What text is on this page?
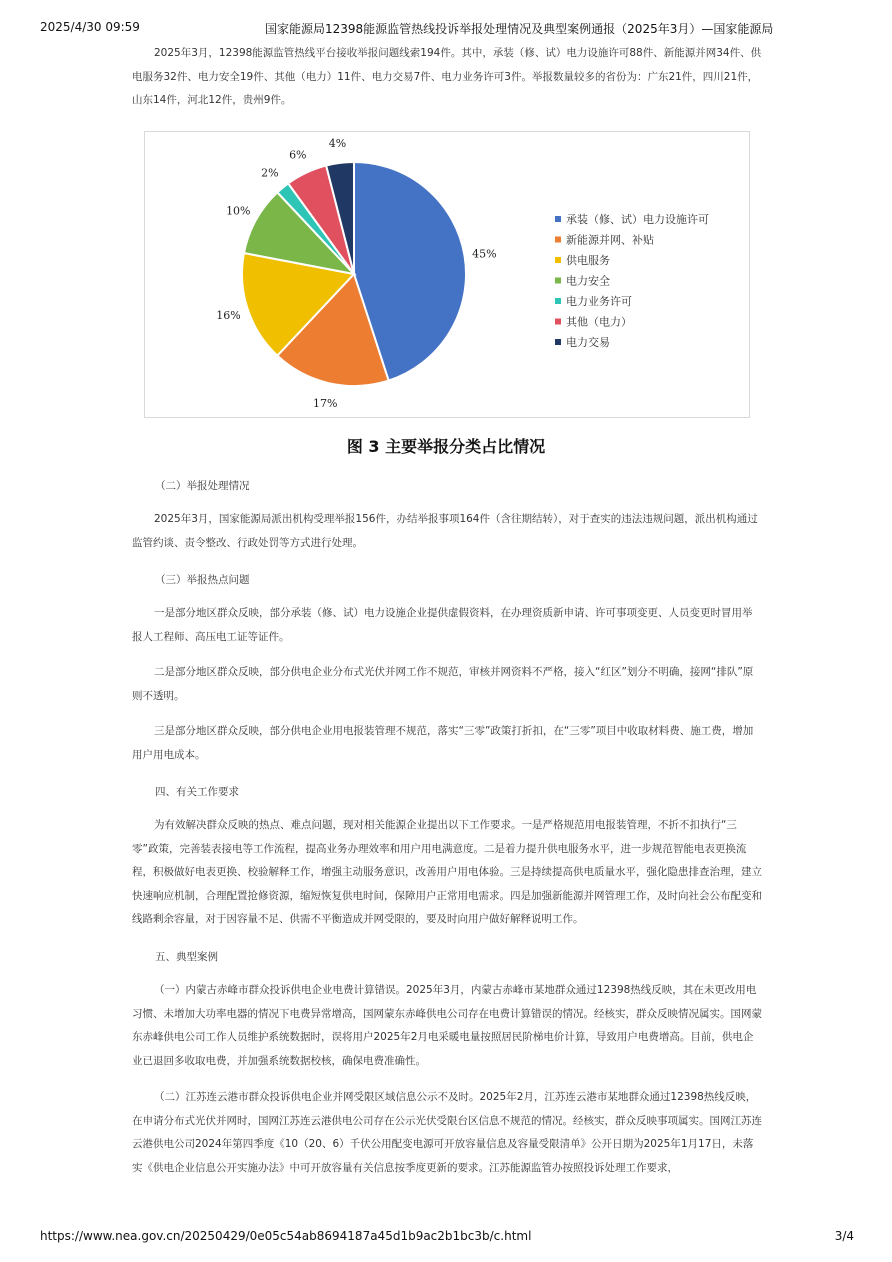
2025/4/30 09:59	国家能源局12398能源监管热线投诉举报处理情况及典型案例通报（2025年3月）—国家能源局
2025年3月，12398能源监管热线平台接收举报问题线索194件。其中，承装（修、试）电力设施许可88件、新能源并网34件、供电服务32件、电力安全19件、其他（电力）11件、电力交易7件、电力业务许可3件。举报数量较多的省份为：广东21件，四川21件，山东14件，河北12件，贵州9件。
45%
17%
16%
10%
2%
6%
4%
承装（修、试）电力设施许可
新能源并网、补贴
供电服务
电力安全
电力业务许可
其他（电力）
电力交易
图 3 主要举报分类占比情况
（二）举报处理情况
2025年3月，国家能源局派出机构受理举报156件，办结举报事项164件（含往期结转），对于查实的违法违规问题，派出机构通过监管约谈、责令整改、行政处罚等方式进行处理。
（三）举报热点问题
一是部分地区群众反映，部分承装（修、试）电力设施企业提供虚假资料，在办理资质新申请、许可事项变更、人员变更时冒用举报人工程师、高压电工证等证件。
二是部分地区群众反映，部分供电企业分布式光伏并网工作不规范，审核并网资料不严格，接入“红区”划分不明确，接网“排队”原则不透明。
三是部分地区群众反映，部分供电企业用电报装管理不规范，落实“三零”政策打折扣，在“三零”项目中收取材料费、施工费，增加用户用电成本。
四、有关工作要求
为有效解决群众反映的热点、难点问题，现对相关能源企业提出以下工作要求。一是严格规范用电报装管理，不折不扣执行“三零”政策，完善装表接电等工作流程，提高业务办理效率和用户用电满意度。二是着力提升供电服务水平，进一步规范智能电表更换流程，积极做好电表更换、校验解释工作，增强主动服务意识，改善用户用电体验。三是持续提高供电质量水平，强化隐患排查治理，建立快速响应机制，合理配置抢修资源，缩短恢复供电时间，保障用户正常用电需求。四是加强新能源并网管理工作，及时向社会公布配变和线路剩余容量，对于因容量不足、供需不平衡造成并网受限的，要及时向用户做好解释说明工作。
五、典型案例
（一）内蒙古赤峰市群众投诉供电企业电费计算错误。2025年3月，内蒙古赤峰市某地群众通过12398热线反映，其在未更改用电习惯、未增加大功率电器的情况下电费异常增高，国网蒙东赤峰供电公司存在电费计算错误的情况。经核实，群众反映情况属实。国网蒙东赤峰供电公司工作人员维护系统数据时，误将用户2025年2月电采暖电量按照居民阶梯电价计算，导致用户电费增高。目前，供电企业已退回多收取电费，并加强系统数据校核，确保电费准确性。
（二）江苏连云港市群众投诉供电企业并网受限区域信息公示不及时。2025年2月，江苏连云港市某地群众通过12398热线反映，在申请分布式光伏并网时，国网江苏连云港供电公司存在公示光伏受限台区信息不规范的情况。经核实，群众反映事项属实。国网江苏连云港供电公司2024年第四季度《10（20、6）千伏公用配变电源可开放容量信息及容量受限清单》公开日期为2025年1月17日，未落实《供电企业信息公开实施办法》中可开放容量有关信息按季度更新的要求。江苏能源监管办按照投诉处理工作要求，
https://www.nea.gov.cn/20250429/0e05c54ab8694187a45d1b9ac2b1bc3b/c.html	3/4
